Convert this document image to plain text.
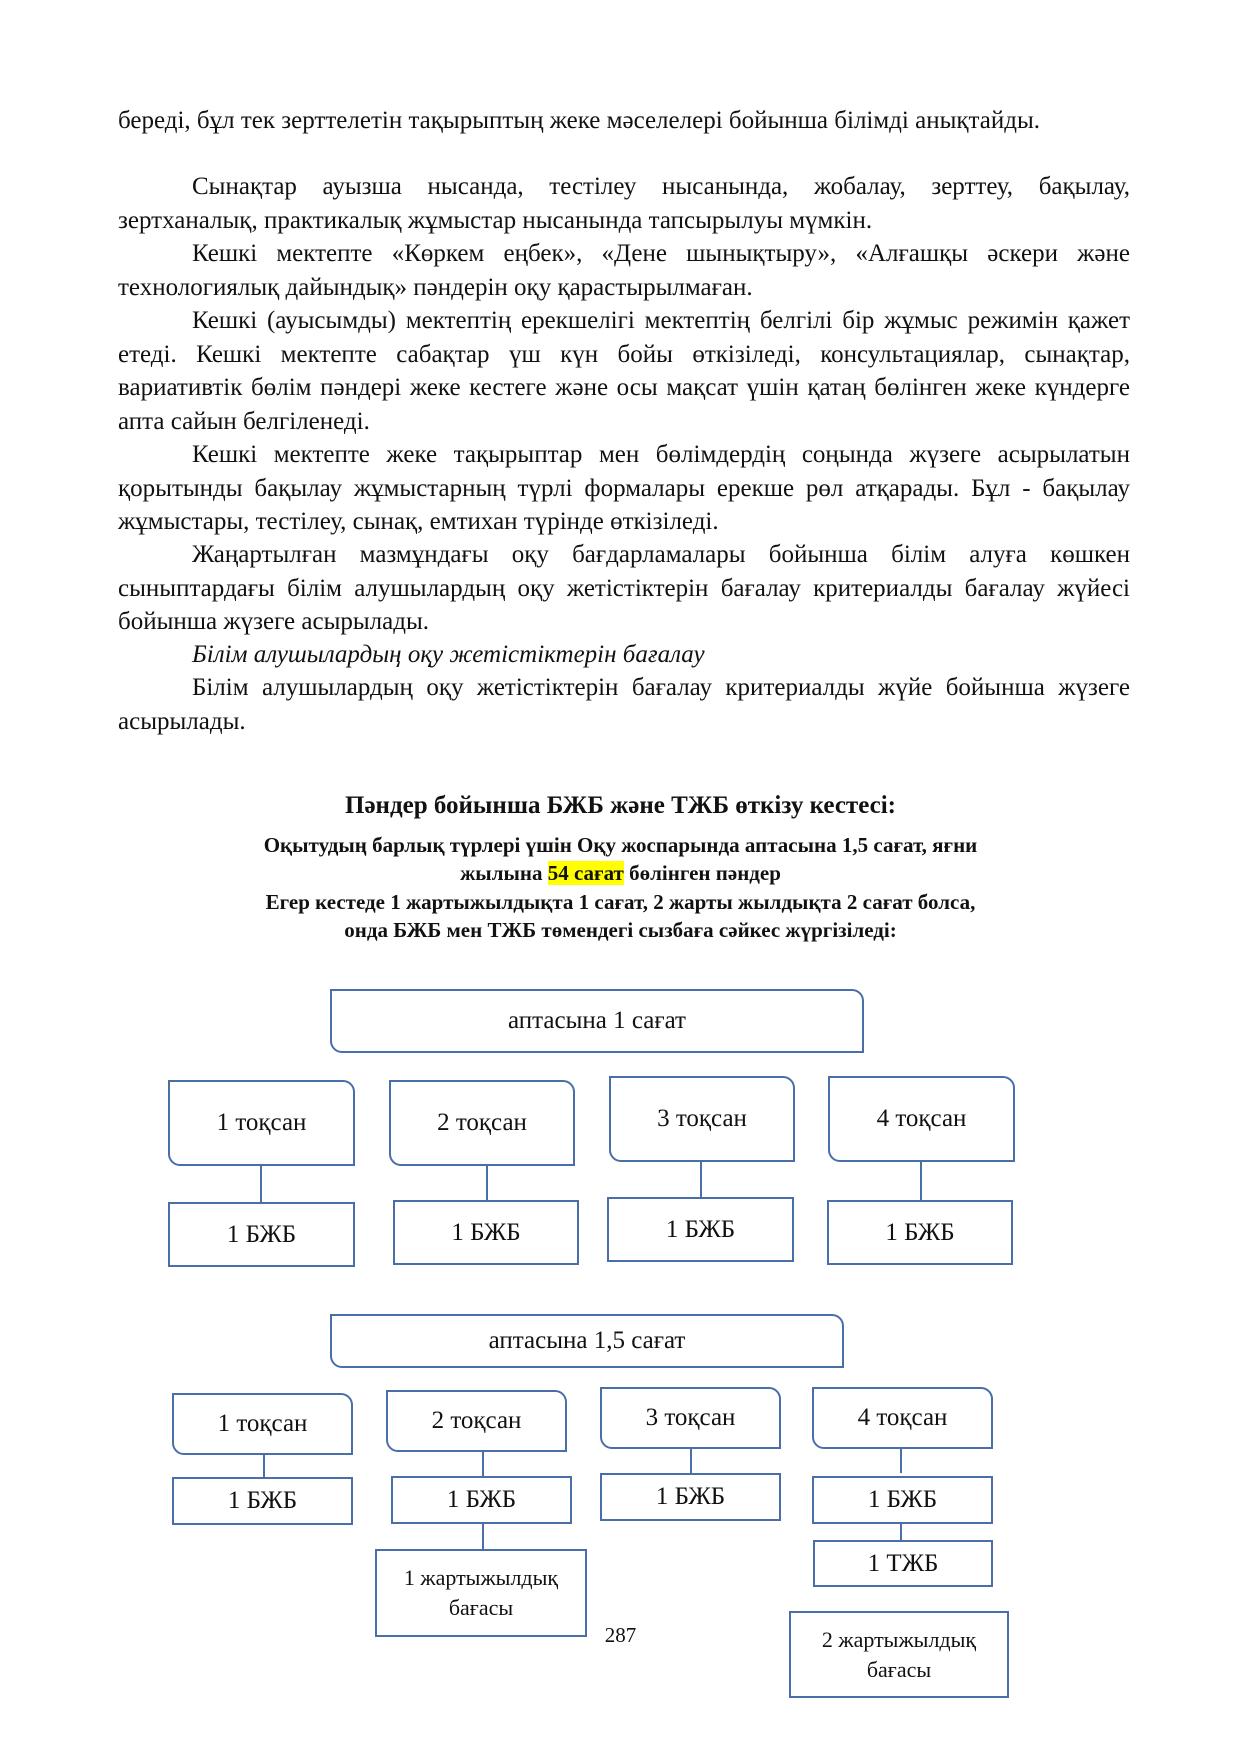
береді, бұл тек зерттелетін тақырыптың жеке мәселелері бойынша білімді анықтайды.

Сынақтар ауызша нысанда, тестілеу нысанында, жобалау, зерттеу, бақылау, зертханалық, практикалық жұмыстар нысанында тапсырылуы мүмкін.

Кешкі мектепте «Көркем еңбек», «Дене шынықтыру», «Алғашқы әскери және технологиялық дайындық» пәндерін оқу қарастырылмаған.

Кешкі (ауысымды) мектептің ерекшелігі мектептің белгілі бір жұмыс режимін қажет етеді. Кешкі мектепте сабақтар үш күн бойы өткізіледі, консультациялар, сынақтар, вариативтік бөлім пәндері жеке кестеге және осы мақсат үшін қатаң бөлінген жеке күндерге апта сайын белгіленеді.

Кешкі мектепте жеке тақырыптар мен бөлімдердің соңында жүзеге асырылатын қорытынды бақылау жұмыстарның түрлі формалары ерекше рөл атқарады. Бұл - бақылау жұмыстары, тестілеу, сынақ, емтихан түрінде өткізіледі.

Жаңартылған мазмұндағы оқу бағдарламалары бойынша білім алуға көшкен сыныптардағы білім алушылардың оқу жетістіктерін бағалау критериалды бағалау жүйесі бойынша жүзеге асырылады.

Білім алушылардың оқу жетістіктерін бағалау

Білім алушылардың оқу жетістіктерін бағалау критериалды жүйе бойынша жүзеге асырылады.

Пәндер бойынша БЖБ және ТЖБ өткізу кестесі:
Оқытудың барлық түрлері үшін Оқу жоспарында аптасына 1,5 сағат, яғни
жылына 54 сағат бөлінген пәндер
Егер кестеде 1 жартыжылдықта 1 сағат, 2 жарты жылдықта 2 сағат болса,
онда БЖБ мен ТЖБ төмендегі сызбаға сәйкес жүргізіледі:
аптасына 1 сағат
1 тоқсан	2 тоқсан	3 тоқсан	4 тоқсан
1 БЖБ	1 БЖБ	1 БЖБ	1 БЖБ
аптасына 1,5 сағат
1 тоқсан	2 тоқсан	3 тоқсан	4 тоқсан
1 БЖБ	1 БЖБ	1 БЖБ	1 БЖБ
1 жартыжылдық бағасы
1 ТЖБ
2 жартыжылдық бағасы
287
